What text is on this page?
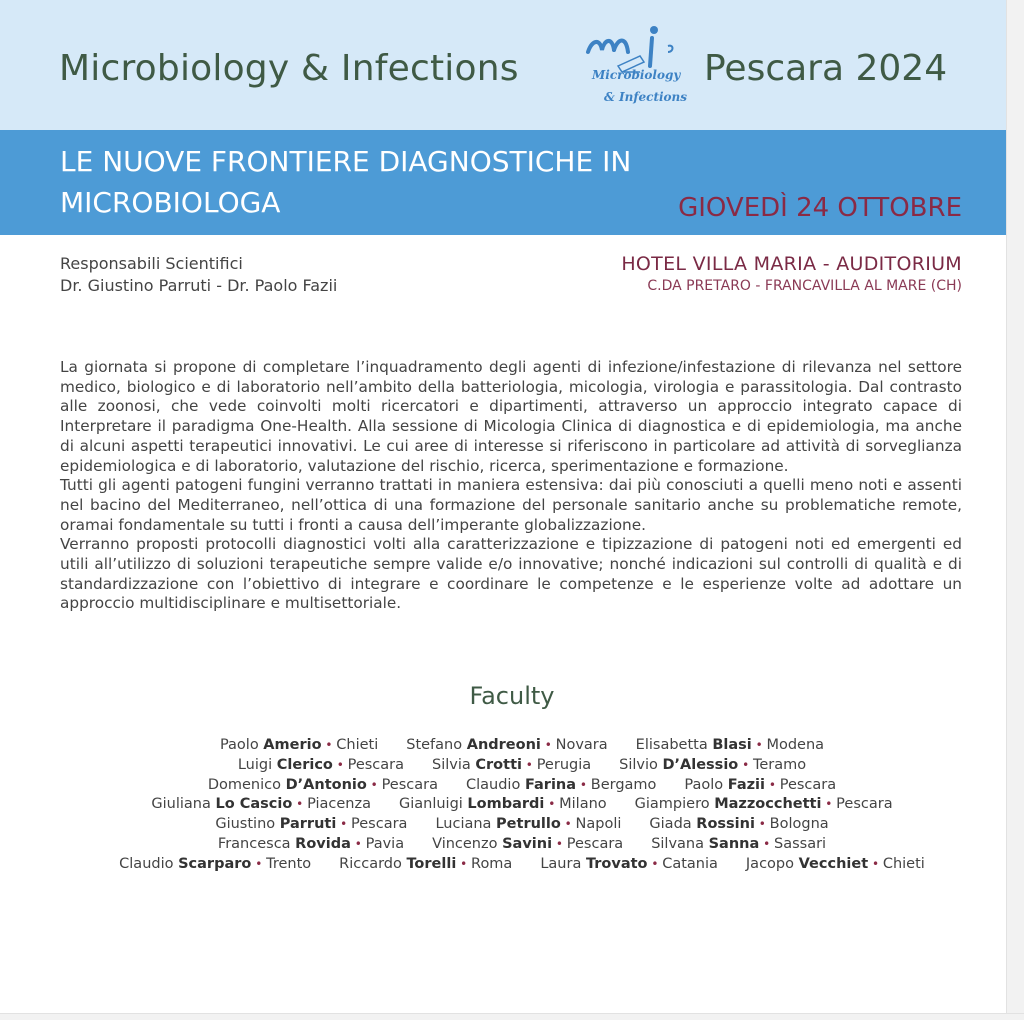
Microbiology & Infections	Microbiology
& Infections
Pescara 2024
LE NUOVE FRONTIERE DIAGNOSTICHE IN
MICROBIOLOGA	GIOVEDÌ 24 OTTOBRE
Responsabili Scientifici
Dr. Giustino Parruti - Dr. Paolo Fazii
HOTEL VILLA MARIA - AUDITORIUM
C.DA PRETARO - FRANCAVILLA AL MARE (CH)

La giornata si propone di completare l’inquadramento degli agenti di infezione/infestazione di rilevanza nel settore medico, biologico e di laboratorio nell’ambito della batteriologia, micologia, virologia e parassitologia. Dal contrasto alle zoonosi, che vede coinvolti molti ricercatori e dipartimenti, attraverso un approccio integrato capace di Interpretare il paradigma One-Health. Alla sessione di Micologia Clinica di diagnostica e di epidemiologia, ma anche di alcuni aspetti terapeutici innovativi. Le cui aree di interesse si riferiscono in particolare ad attività di sorveglianza epidemiologica e di laboratorio, valutazione del rischio, ricerca, sperimentazione e formazione.

Tutti gli agenti patogeni fungini verranno trattati in maniera estensiva: dai più conosciuti a quelli meno noti e assenti nel bacino del Mediterraneo, nell’ottica di una formazione del personale sanitario anche su problematiche remote, oramai fondamentale su tutti i fronti a causa dell’imperante globalizzazione.

Verranno proposti protocolli diagnostici volti alla caratterizzazione e tipizzazione di patogeni noti ed emergenti ed utili all’utilizzo di soluzioni terapeutiche sempre valide e/o innovative; nonché indicazioni sul controlli di qualità e di standardizzazione con l’obiettivo di integrare e coordinare le competenze e le esperienze volte ad adottare un approccio multidisciplinare e multisettoriale.

Faculty
Paolo Amerio • Chieti Stefano Andreoni • Novara Elisabetta Blasi • Modena
Luigi Clerico • Pescara Silvia Crotti • Perugia Silvio D’Alessio • Teramo
Domenico D’Antonio • Pescara Claudio Farina • Bergamo Paolo Fazii • Pescara
Giuliana Lo Cascio • Piacenza Gianluigi Lombardi • Milano Giampiero Mazzocchetti • Pescara
Giustino Parruti • Pescara Luciana Petrullo • Napoli Giada Rossini • Bologna
Francesca Rovida • Pavia Vincenzo Savini • Pescara Silvana Sanna • Sassari
Claudio Scarparo • Trento Riccardo Torelli • Roma Laura Trovato • Catania Jacopo Vecchiet • Chieti
